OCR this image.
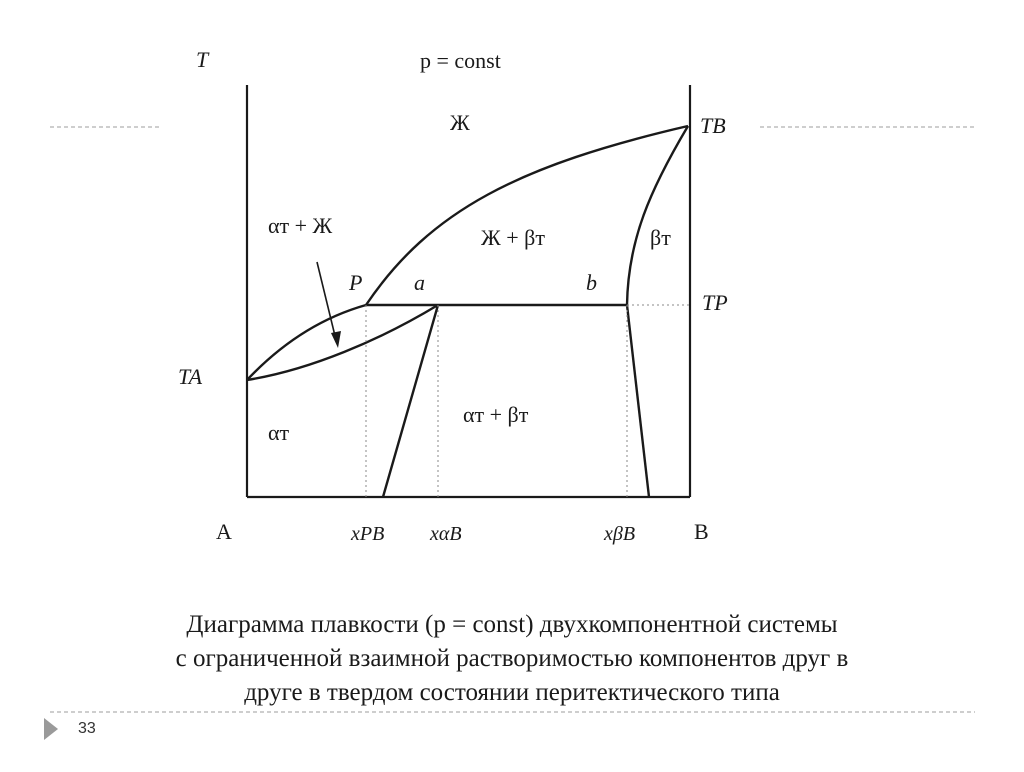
T	p = const
Ж
αт + Ж	Ж + βт	βт
αт
αт + βт
TB
TP
TA
P a	b
A	B
xPB xαB	xβB
Диаграмма плавкости (p = const) двухкомпонентной системы
с ограниченной взаимной растворимостью компонентов друг в
друге в твердом состоянии перитектического типа
33
